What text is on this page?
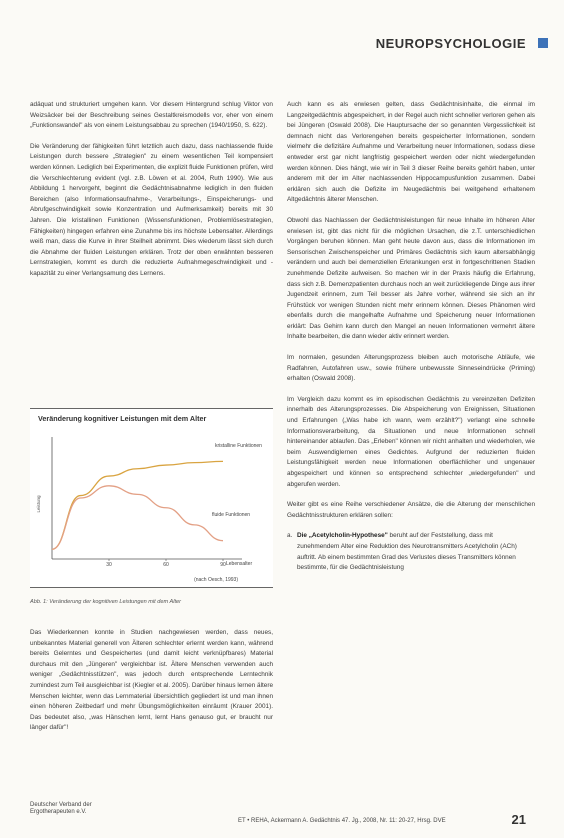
NEUROPSYCHOLOGIE

adäquat und strukturiert umgehen kann. Vor diesem Hintergrund schlug Viktor von Weizsäcker bei der Beschreibung seines Gestaltkreismodells vor, eher von einem „Funktionswandel" als von einem Leistungsabbau zu sprechen (1940/1950, S. 622).

Die Veränderung der fähigkeiten führt letztlich auch dazu, dass nachlassende fluide Leistungen durch bessere „Strategien" zu einem wesentlichen Teil kompensiert werden können. Lediglich bei Experimenten, die explizit fluide Funktionen prüfen, wird die Verschlechterung evident (vgl. z.B. Löwen et al. 2004, Ruth 1990). Wie aus Abbildung 1 hervorgeht, beginnt die Gedächtnisabnahme lediglich in den fluiden Bereichen (also Informationsaufnahme-, Verarbeitungs-, Einspeicherungs- und Abrufgeschwindigkeit sowie Konzentration und Aufmerksamkeit) bereits mit 30 Jahren. Die kristallinen Funktionen (Wissensfunktionen, Problemlösestrategien, Fähigkeiten) hingegen erfahren eine Zunahme bis ins höchste Lebensalter. Allerdings weiß man, dass die Kurve in ihrer Steilheit abnimmt. Dies wiederum lässt sich durch die Abnahme der fluiden Leistungen erklären. Trotz der oben erwähnten besseren Lernstrategien, kommt es durch die reduzierte Aufnahmegeschwindigkeit und -kapazität zu einer Verlangsamung des Lernens.

Veränderung kognitiver Leistungen mit dem Alter
Leistung
Lebensalter
kristalline Funktionen
fluide Funktionen
(nach Oesch, 1993)
30	60	90
Abb. 1: Veränderung der kognitiven Leistungen mit dem Alter

Das Wiederkennen konnte in Studien nachgewiesen werden, dass neues, unbekanntes Material generell von Älteren schlechter erlernt werden kann, während bereits Gelerntes und Gespeichertes (und damit leicht verknüpfbares) Material durchaus mit den „Jüngeren" vergleichbar ist. Ältere Menschen verwenden auch weniger „Gedächtnisstützen", was jedoch durch entsprechende Lerntechnik zumindest zum Teil ausgleichbar ist (Kiegler et al. 2005). Darüber hinaus lernen ältere Menschen leichter, wenn das Lernmaterial übersichtlich gegliedert ist und man ihnen einen höheren Zeitbedarf und mehr Übungsmöglichkeiten einräumt (Krauer 2001). Das bedeutet also, „was Hänschen lernt, lernt Hans genauso gut, er braucht nur länger dafür"!

Auch kann es als erwiesen gelten, dass Gedächtnisinhalte, die einmal im Langzeitgedächtnis abgespeichert, in der Regel auch nicht schneller verloren gehen als bei Jüngeren (Oswald 2008). Die Hauptursache der so genannten Vergesslichkeit ist demnach nicht das Verlorengehen bereits gespeicherter Informationen, sondern vielmehr die defizitäre Aufnahme und Verarbeitung neuer Informationen, sodass diese entweder erst gar nicht langfristig gespeichert werden oder nicht wiedergefunden werden können. Dies hängt, wie wir in Teil 3 dieser Reihe bereits gehört haben, unter anderem mit der im Alter nachlassenden Hippocampusfunktion zusammen. Dabei erklären sich auch die Defizite im Neugedächtnis bei weitgehend erhaltenem Altgedächtnis älterer Menschen.

Obwohl das Nachlassen der Gedächtnisleistungen für neue Inhalte im höheren Alter erwiesen ist, gibt das nicht für die möglichen Ursachen, die z.T. unterschiedlichen Vorgängen beruhen können. Man geht heute davon aus, dass die Informationen im Sensorischen Zwischenspeicher und Primäres Gedächtnis sich kaum altersabhängig verändern und auch bei demenziellen Erkrankungen erst in fortgeschrittenen Stadien zunehmende Defizite aufweisen. So machen wir in der Praxis häufig die Erfahrung, dass sich z.B. Demenzpatienten durchaus noch an weit zurückliegende Dinge aus ihrer Jugendzeit erinnern, zum Teil besser als Jahre vorher, während sie sich an ihr Frühstück vor wenigen Stunden nicht mehr erinnern können. Dieses Phänomen wird ebenfalls durch die mangelhafte Aufnahme und Speicherung neuer Informationen erklärt: Das Gehirn kann durch den Mangel an neuen Informationen vermehrt ältere Inhalte bearbeiten, die dann wieder aktiv erinnert werden.

Im normalen, gesunden Alterungsprozess bleiben auch motorische Abläufe, wie Radfahren, Autofahren usw., sowie frühere unbewusste Sinneseindrücke (Priming) erhalten (Oswald 2008).

Im Vergleich dazu kommt es im episodischen Gedächtnis zu vereinzelten Defiziten innerhalb des Alterungsprozesses. Die Abspeicherung von Ereignissen, Situationen und Erfahrungen („Was habe ich wann, wem erzählt?") verlangt eine schnelle Informationsverarbeitung, da Situationen und neue Informationen schnell hintereinander ablaufen. Das „Erleben" können wir nicht anhalten und wiederholen, wie beim Auswendiglernen eines Gedichtes. Aufgrund der reduzierten fluiden Leistungsfähigkeit werden neue Informationen oberflächlicher und ungenauer abgespeichert und können so entsprechend schlechter „wiedergefunden" und abgerufen werden.

Weiter gibt es eine Reihe verschiedener Ansätze, die die Alterung der menschlichen Gedächtnisstrukturen erklären sollen:

a. Die „Acetylcholin-Hypothese" beruht auf der Feststellung, dass mit zunehmendem Alter eine Reduktion des Neurotransmitters Acetylcholin (ACh) auftritt. Ab einem bestimmten Grad des Verlustes dieses Transmitters können bestimmte, für die Gedächtnisleistung
Deutscher Verband der
Ergotherapeuten e.V.
ET • REHA, Ackermann A. Gedächtnis 47. Jg., 2008, Nr. 11: 20-27, Hrsg. DVE	21
